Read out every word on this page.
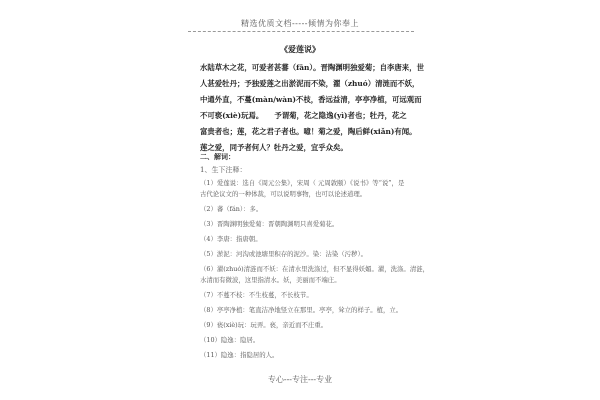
精选优质文档-----倾情为你奉上
《爱莲说》

水陆草木之花，可爱者甚蕃（fān）。晋陶渊明独爱菊；自李唐来，世

人甚爱牡丹；予独爱莲之出淤泥而不染，濯（zhuó）清涟而不妖，

中通外直，不蔓(màn/wàn)不枝，香远益清，亭亭净植，可远观而

不可亵(xiè)玩焉。　　予谓菊，花之隐逸(yì)者也；牡丹，花之

富贵者也；莲，花之君子者也。噫！菊之爱，陶后鲜(xiǎn)有闻。

莲之爱，同予者何人？牡丹之爱，宜乎众矣。

二、解词：
1、生下注释：

（1）爱莲说：选自《周元公集》，宋周（ 元周敦颐）《说书》等“说”，是

古代论议文的一种体裁，可以说明事物，也可以论述道理。

（2）蕃（fán）：多。

（3）晋陶渊明独爱菊：晋朝陶渊明只喜爱菊花。

（4）李唐：指唐朝。

（5）淤泥：河沟或池塘里积存的泥沙。染：沾染（污秽）。

（6）濯(zhuó)清涟而不妖：在清水里洗涤过，但不显得妖媚。濯，洗涤。清涟，

水清而有微波，这里指清水。妖，美丽而不端庄。

（7）不蔓不枝：不生枝蔓，不长枝节。

（8）亭亭净植：笔直洁净地竖立在那里。亭亭，耸立的样子。植，立。

（9）亵(xiè)玩：玩弄。亵，亲近而不庄重。

（10）隐逸：隐居。

（11）隐逸：指隐居的人。

专心---专注---专业
